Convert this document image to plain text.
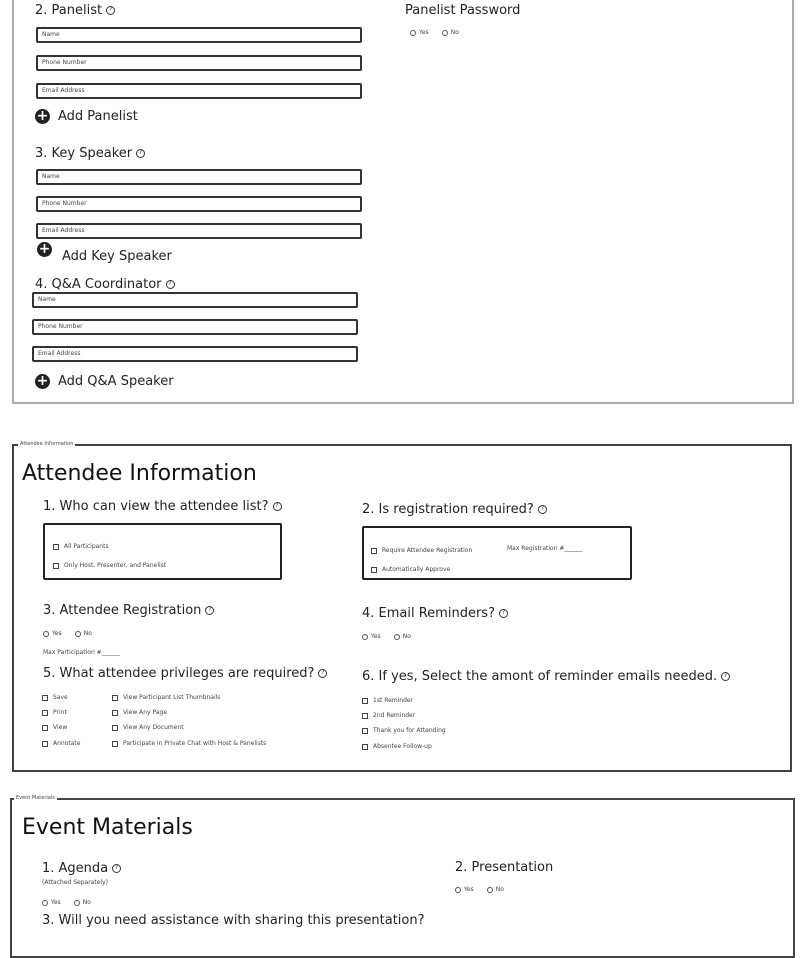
2. Panelist ?
Name
Phone Number
Email Address
+ Add Panelist
Panelist Password
Yes	No
3. Key Speaker ?
Name
Phone Number
Email Address
+ Add Key Speaker
4. Q&A Coordinator ?
Name
Phone Number
Email Address
+ Add Q&A Speaker
Attendee Information
Attendee Information
1. Who can view the attendee list? ?
All Participants
Only Host, Presenter, and Panelist
2. Is registration required? ?
Require Attendee Registration	Max Registration #______
Automatically Approve
3. Attendee Registration ?
Yes	No
Max Participation #______
4. Email Reminders? ?
Yes	No
5. What attendee privileges are required? ?
Save
Print
View
Annotate
View Participant List Thumbnails
View Any Page
View Any Document
Participate in Private Chat with Host & Panelists
6. If yes, Select the amont of reminder emails needed. ?
1st Reminder
2nd Reminder
Thank you for Attending
Absentee Follow-up
Event Materials
Event Materials
1. Agenda ?
(Attached Separately)
Yes	No
2. Presentation
Yes	No
3. Will you need assistance with sharing this presentation?
